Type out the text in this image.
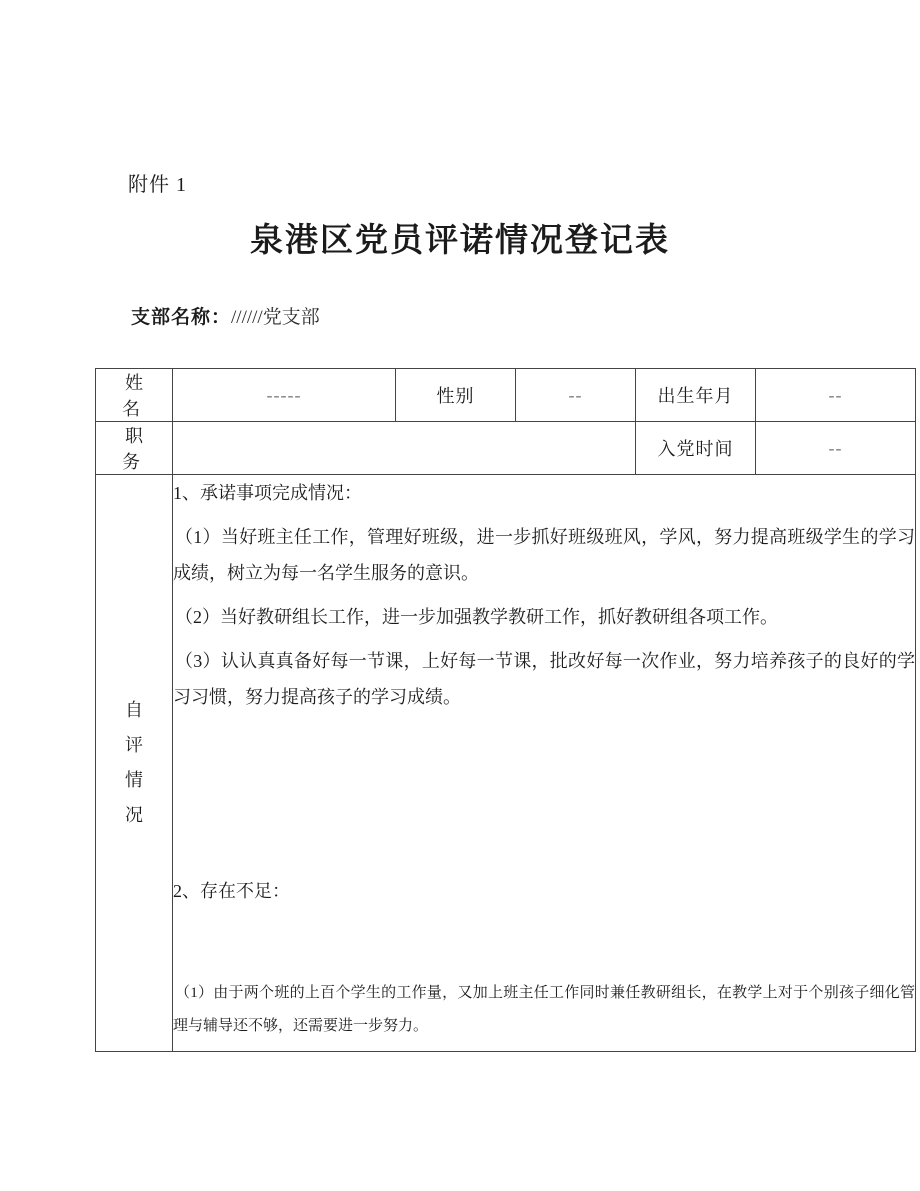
附件 1
泉港区党员评诺情况登记表
支部名称：//////党支部
姓　名	-----	性别	--	出生年月	--
职　务				入党时间	--

自
评
情
况

1、承诺事项完成情况：

（1）当好班主任工作，管理好班级，进一步抓好班级班风，学风，努力提高班级学生的学习成绩，树立为每一名学生服务的意识。

（2）当好教研组长工作，进一步加强教学教研工作，抓好教研组各项工作。

（3）认认真真备好每一节课，上好每一节课，批改好每一次作业，努力培养孩子的良好的学习习惯，努力提高孩子的学习成绩。

2、存在不足：

（1）由于两个班的上百个学生的工作量，又加上班主任工作同时兼任教研组长，在教学上对于个别孩子细化管理与辅导还不够，还需要进一步努力。
